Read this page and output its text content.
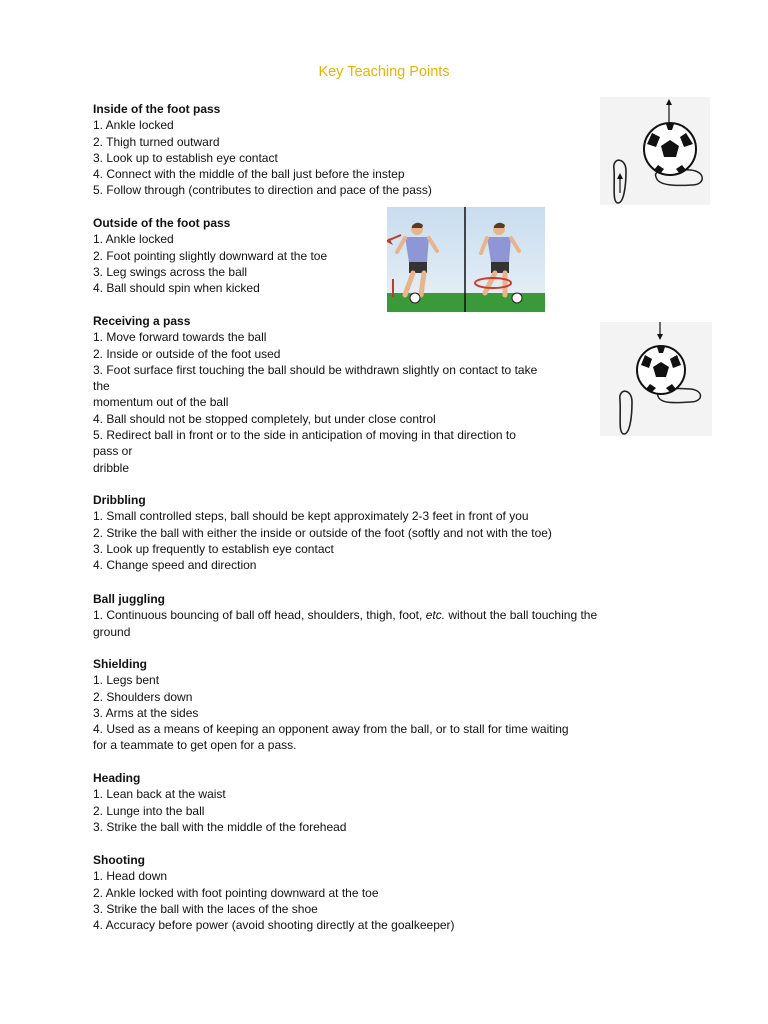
Key Teaching Points
Inside of the foot pass

1. Ankle locked

2. Thigh turned outward

3. Look up to establish eye contact

4. Connect with the middle of the ball just before the instep

5. Follow through (contributes to direction and pace of the pass)

Outside of the foot pass

1. Ankle locked

2. Foot pointing slightly downward at the toe

3. Leg swings across the ball

4. Ball should spin when kicked

Receiving a pass

1. Move forward towards the ball

2. Inside or outside of the foot used

3. Foot surface first touching the ball should be withdrawn slightly on contact to take

the

momentum out of the ball

4. Ball should not be stopped completely, but under close control

5. Redirect ball in front or to the side in anticipation of moving in that direction to

pass or

dribble

Dribbling

1. Small controlled steps, ball should be kept approximately 2-3 feet in front of you

2. Strike the ball with either the inside or outside of the foot (softly and not with the toe)

3. Look up frequently to establish eye contact

4. Change speed and direction

Ball juggling

1. Continuous bouncing of ball off head, shoulders, thigh, foot, etc. without the ball touching the

ground

Shielding

1. Legs bent

2. Shoulders down

3. Arms at the sides

4. Used as a means of keeping an opponent away from the ball, or to stall for time waiting

for a teammate to get open for a pass.

Heading

1. Lean back at the waist

2. Lunge into the ball

3. Strike the ball with the middle of the forehead

Shooting

1. Head down

2. Ankle locked with foot pointing downward at the toe

3. Strike the ball with the laces of the shoe

4. Accuracy before power (avoid shooting directly at the goalkeeper)
